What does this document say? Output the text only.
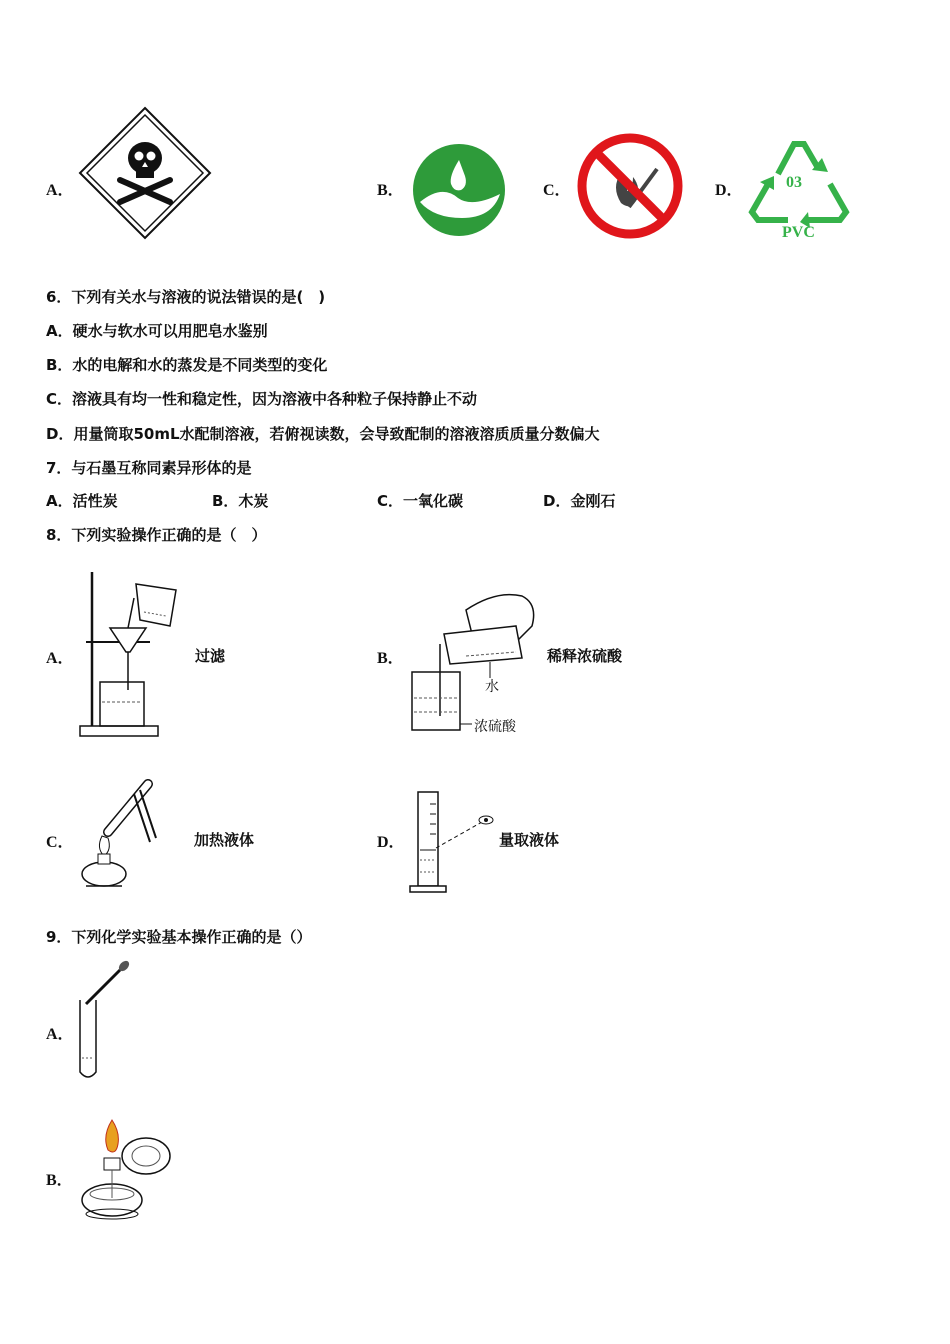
A．	B．	C．	D．	03
PVC
6．下列有关水与溶液的说法错误的是(　)
A．硬水与软水可以用肥皂水鉴别
B．水的电解和水的蒸发是不同类型的变化
C．溶液具有均一性和稳定性，因为溶液中各种粒子保持静止不动
D．用量筒取50mL水配制溶液，若俯视读数，会导致配制的溶液溶质质量分数偏大
7．与石墨互称同素异形体的是
A．活性炭	B．木炭	C．一氧化碳	D．金刚石
8．下列实验操作正确的是（　）
A．	过滤	B．
水
浓硫酸
稀释浓硫酸
C．	加热液体	D．	量取液体
9．下列化学实验基本操作正确的是（）
A．
B．
